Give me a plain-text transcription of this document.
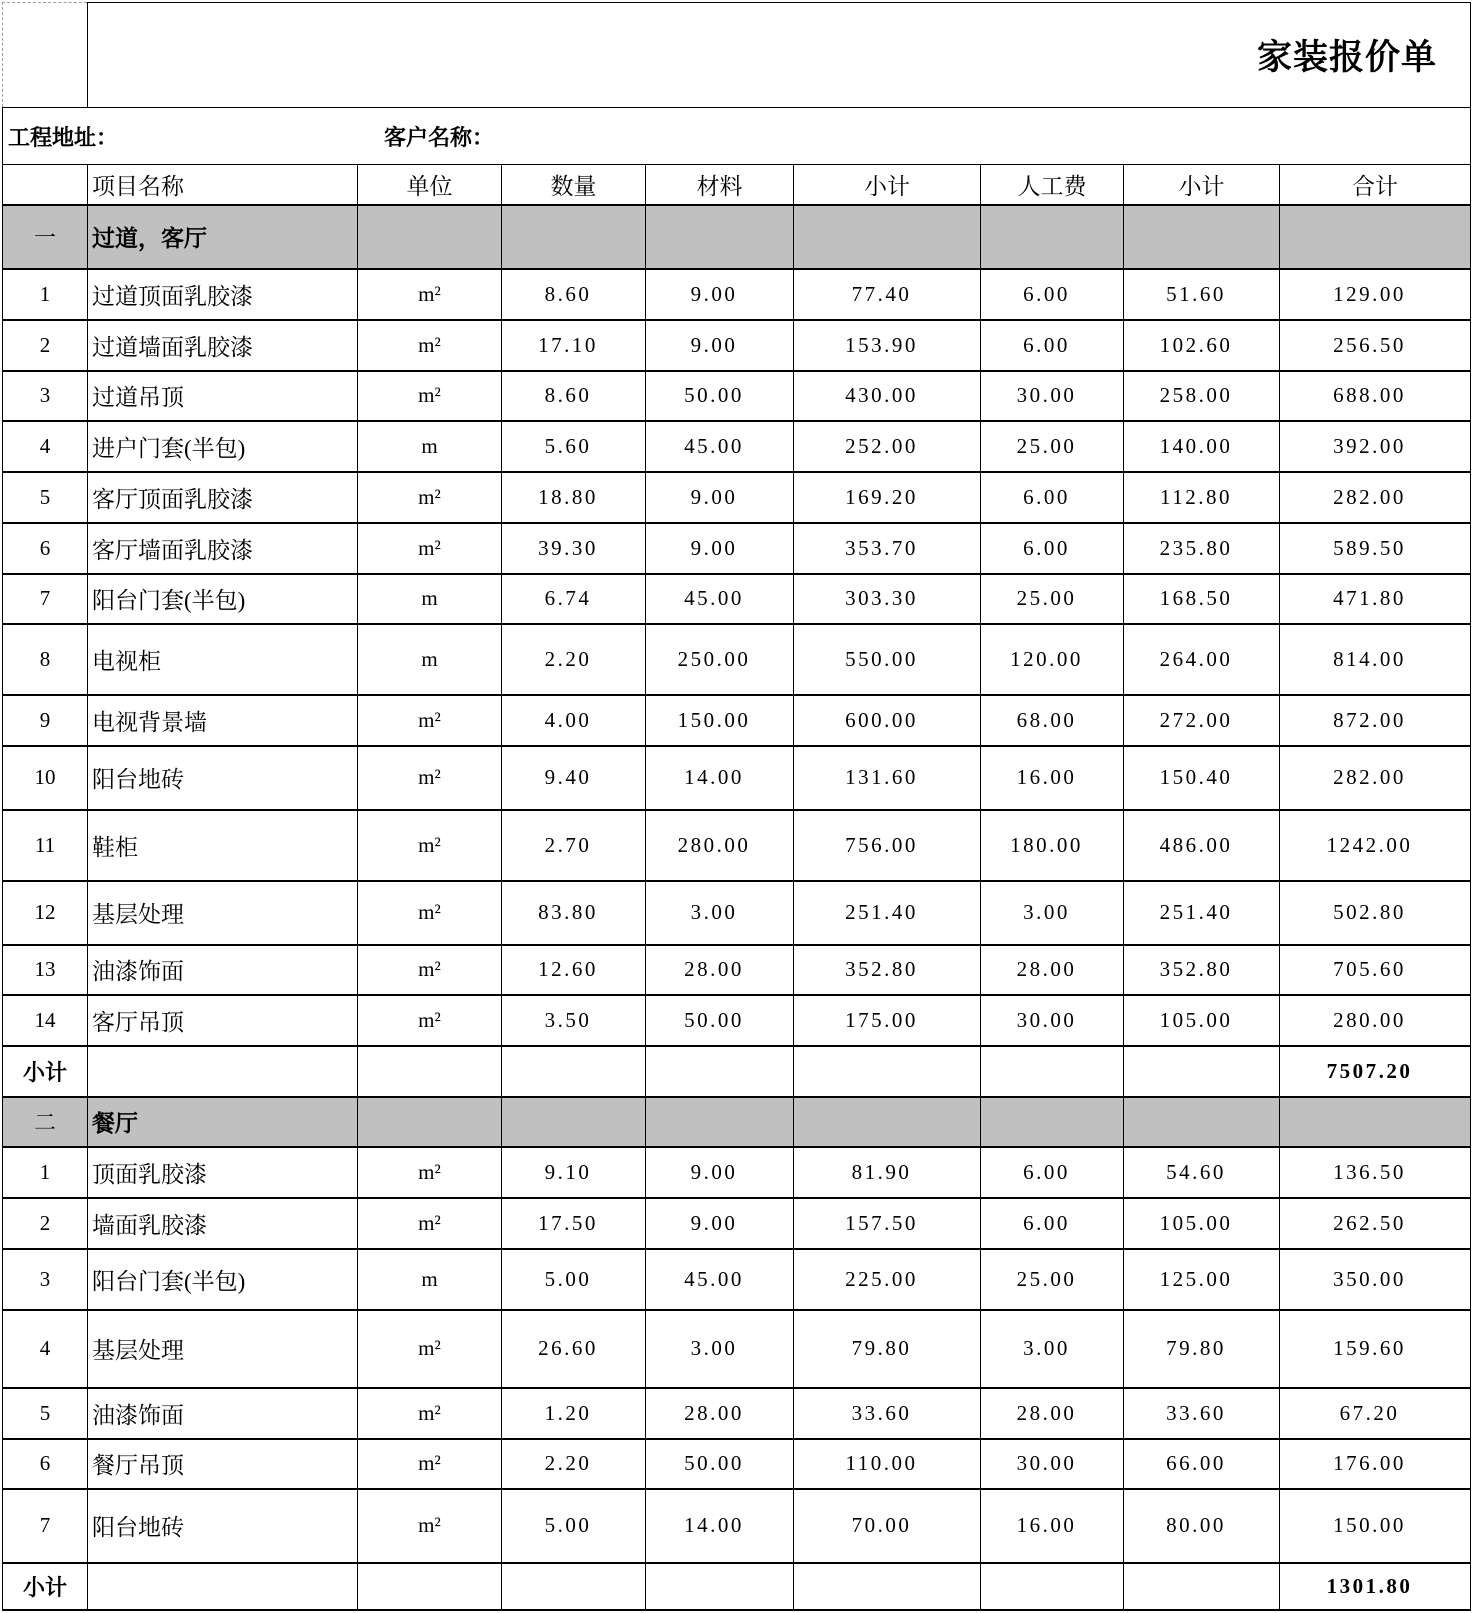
	家装报价单							
工程地址： 客户名称：								
	项目名称	单位	数量	材料	小计	人工费	小计	合计
一	过道，客厅							
1	过道顶面乳胶漆	m²	8.60	9.00	77.40	6.00	51.60	129.00
2	过道墙面乳胶漆	m²	17.10	9.00	153.90	6.00	102.60	256.50
3	过道吊顶	m²	8.60	50.00	430.00	30.00	258.00	688.00
4	进户门套(半包)	m	5.60	45.00	252.00	25.00	140.00	392.00
5	客厅顶面乳胶漆	m²	18.80	9.00	169.20	6.00	112.80	282.00
6	客厅墙面乳胶漆	m²	39.30	9.00	353.70	6.00	235.80	589.50
7	阳台门套(半包)	m	6.74	45.00	303.30	25.00	168.50	471.80
8	电视柜	m	2.20	250.00	550.00	120.00	264.00	814.00
9	电视背景墙	m²	4.00	150.00	600.00	68.00	272.00	872.00
10	阳台地砖	m²	9.40	14.00	131.60	16.00	150.40	282.00
11	鞋柜	m²	2.70	280.00	756.00	180.00	486.00	1242.00
12	基层处理	m²	83.80	3.00	251.40	3.00	251.40	502.80
13	油漆饰面	m²	12.60	28.00	352.80	28.00	352.80	705.60
14	客厅吊顶	m²	3.50	50.00	175.00	30.00	105.00	280.00
小计								7507.20
二	餐厅							
1	顶面乳胶漆	m²	9.10	9.00	81.90	6.00	54.60	136.50
2	墙面乳胶漆	m²	17.50	9.00	157.50	6.00	105.00	262.50
3	阳台门套(半包)	m	5.00	45.00	225.00	25.00	125.00	350.00
4	基层处理	m²	26.60	3.00	79.80	3.00	79.80	159.60
5	油漆饰面	m²	1.20	28.00	33.60	28.00	33.60	67.20
6	餐厅吊顶	m²	2.20	50.00	110.00	30.00	66.00	176.00
7	阳台地砖	m²	5.00	14.00	70.00	16.00	80.00	150.00
小计								1301.80
